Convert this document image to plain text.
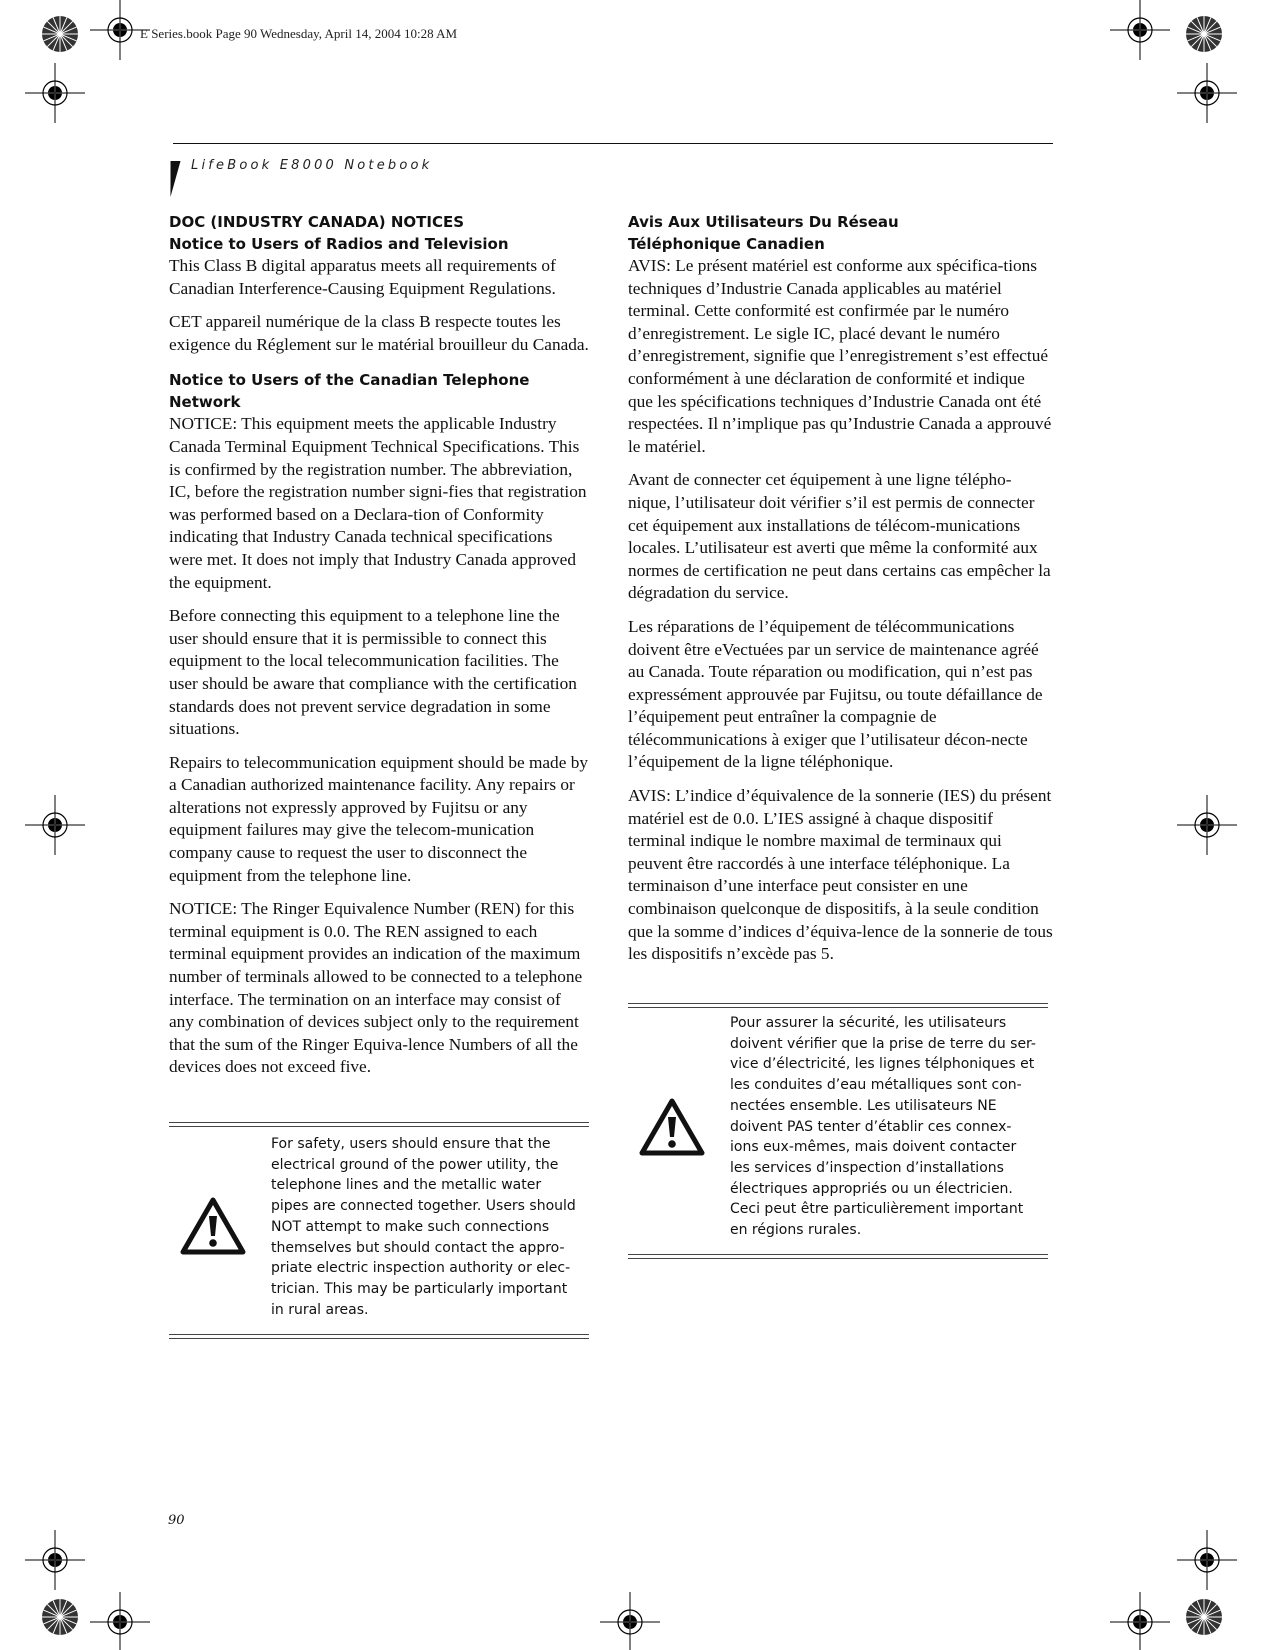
E Series.book Page 90 Wednesday, April 14, 2004 10:28 AM
LifeBook E8000 Notebook
DOC (INDUSTRY CANADA) NOTICES
Notice to Users of Radios and Television

This Class B digital apparatus meets all requirements of Canadian Interference-Causing Equipment Regulations.

CET appareil numérique de la class B respecte toutes les exigence du Réglement sur le matérial brouilleur du Canada.

Notice to Users of the Canadian Telephone Network

NOTICE: This equipment meets the applicable Industry Canada Terminal Equipment Technical Specifications. This is confirmed by the registration number. The abbreviation, IC, before the registration number signi-fies that registration was performed based on a Declara-tion of Conformity indicating that Industry Canada technical specifications were met. It does not imply that Industry Canada approved the equipment.

Before connecting this equipment to a telephone line the user should ensure that it is permissible to connect this equipment to the local telecommunication facilities. The user should be aware that compliance with the certification standards does not prevent service degradation in some situations.

Repairs to telecommunication equipment should be made by a Canadian authorized maintenance facility. Any repairs or alterations not expressly approved by Fujitsu or any equipment failures may give the telecom-munication company cause to request the user to disconnect the equipment from the telephone line.

NOTICE: The Ringer Equivalence Number (REN) for this terminal equipment is 0.0. The REN assigned to each terminal equipment provides an indication of the maximum number of terminals allowed to be connected to a telephone interface. The termination on an interface may consist of any combination of devices subject only to the requirement that the sum of the Ringer Equiva-lence Numbers of all the devices does not exceed five.

For safety, users should ensure that the electrical ground of the power utility, the telephone lines and the metallic water pipes are connected together. Users should NOT attempt to make such connections themselves but should contact the appro-priate electric inspection authority or elec-trician. This may be particularly important in rural areas.
Avis Aux Utilisateurs Du Réseau
Téléphonique Canadien

AVIS: Le présent matériel est conforme aux spécifica-tions techniques d’Industrie Canada applicables au matériel terminal. Cette conformité est confirmée par le numéro d’enregistrement. Le sigle IC, placé devant le numéro d’enregistrement, signifie que l’enregistrement s’est effectué conformément à une déclaration de conformité et indique que les spécifications techniques d’Industrie Canada ont été respectées. Il n’implique pas qu’Industrie Canada a approuvé le matériel.

Avant de connecter cet équipement à une ligne télépho-nique, l’utilisateur doit vérifier s’il est permis de connecter cet équipement aux installations de télécom-munications locales. L’utilisateur est averti que même la conformité aux normes de certification ne peut dans certains cas empêcher la dégradation du service.

Les réparations de l’équipement de télécommunications doivent être eVectuées par un service de maintenance agréé au Canada. Toute réparation ou modification, qui n’est pas expressément approuvée par Fujitsu, ou toute défaillance de l’équipement peut entraîner la compagnie de télécommunications à exiger que l’utilisateur décon-necte l’équipement de la ligne téléphonique.

AVIS: L’indice d’équivalence de la sonnerie (IES) du présent matériel est de 0.0. L’IES assigné à chaque dispositif terminal indique le nombre maximal de terminaux qui peuvent être raccordés à une interface téléphonique. La terminaison d’une interface peut consister en une combinaison quelconque de dispositifs, à la seule condition que la somme d’indices d’équiva-lence de la sonnerie de tous les dispositifs n’excède pas 5.

Pour assurer la sécurité, les utilisateurs doivent vérifier que la prise de terre du ser-vice d’électricité, les lignes télphoniques et les conduites d’eau métalliques sont con-nectées ensemble. Les utilisateurs NE doivent PAS tenter d’établir ces connex-ions eux-mêmes, mais doivent contacter les services d’inspection d’installations électriques appropriés ou un électricien. Ceci peut être particulièrement important en régions rurales.
90
